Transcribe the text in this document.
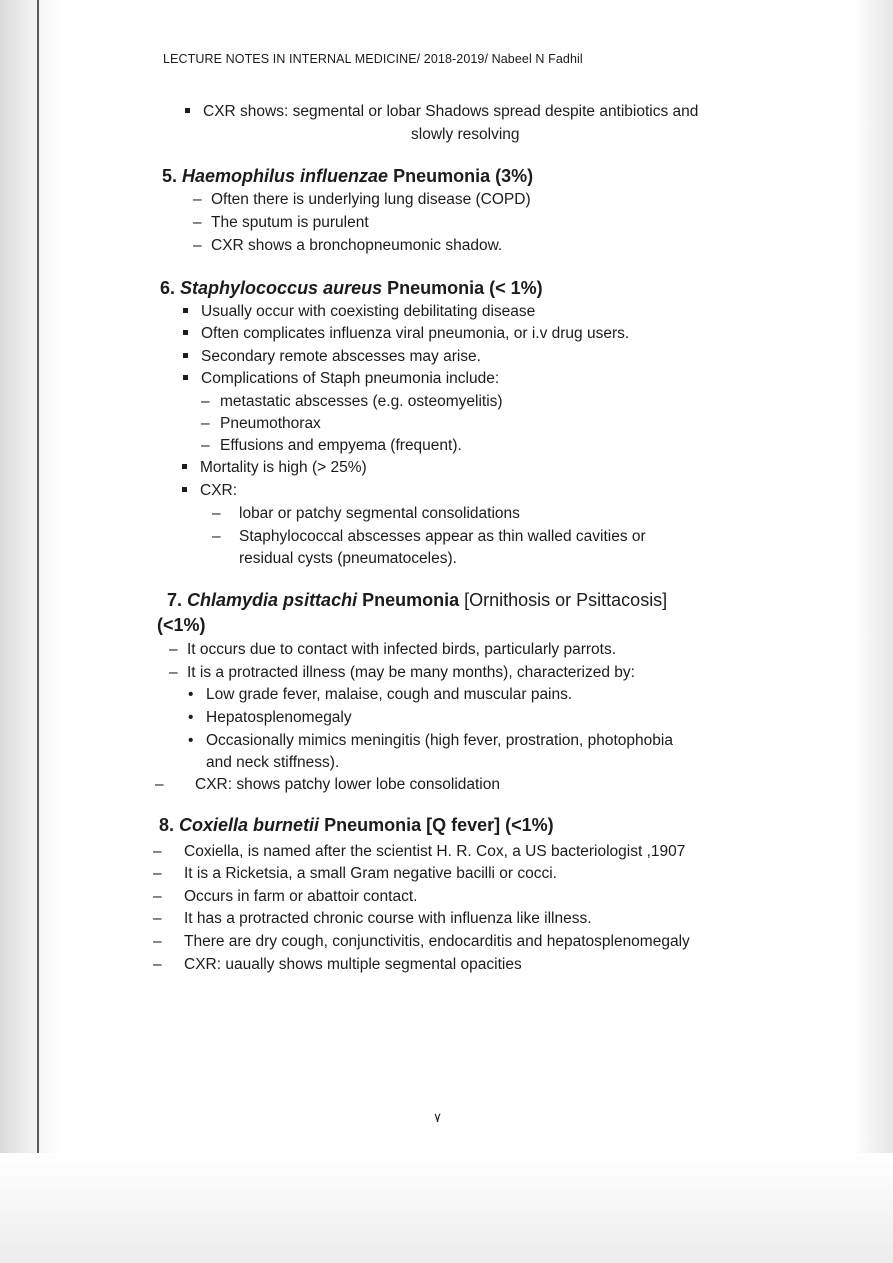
LECTURE NOTES IN INTERNAL MEDICINE/ 2018-2019/ Nabeel N Fadhil
CXR shows: segmental or lobar Shadows spread despite antibiotics and
slowly resolving
5. Haemophilus influenzae Pneumonia (3%)
– Often there is underlying lung disease (COPD)
– The sputum is purulent
– CXR shows a bronchopneumonic shadow.
6. Staphylococcus aureus Pneumonia (< 1%)
Usually occur with coexisting debilitating disease
Often complicates influenza viral pneumonia, or i.v drug users.
Secondary remote abscesses may arise.
Complications of Staph pneumonia include:
– metastatic abscesses (e.g. osteomyelitis)
– Pneumothorax
– Effusions and empyema (frequent).
Mortality is high (> 25%)
CXR:
– lobar or patchy segmental consolidations
– Staphylococcal abscesses appear as thin walled cavities or
residual cysts (pneumatoceles).
7. Chlamydia psittachi Pneumonia [Ornithosis or Psittacosis]
(<1%)
– It occurs due to contact with infected birds, particularly parrots.
– It is a protracted illness (may be many months), characterized by:
• Low grade fever, malaise, cough and muscular pains.
• Hepatosplenomegaly
• Occasionally mimics meningitis (high fever, prostration, photophobia
and neck stiffness).
– CXR: shows patchy lower lobe consolidation
8. Coxiella burnetii Pneumonia [Q fever] (<1%)
– Coxiella, is named after the scientist H. R. Cox, a US bacteriologist ,1907
– It is a Ricketsia, a small Gram negative bacilli or cocci.
– Occurs in farm or abattoir contact.
– It has a protracted chronic course with influenza like illness.
– There are dry cough, conjunctivitis, endocarditis and hepatosplenomegaly
– CXR: uaually shows multiple segmental opacities
٧
